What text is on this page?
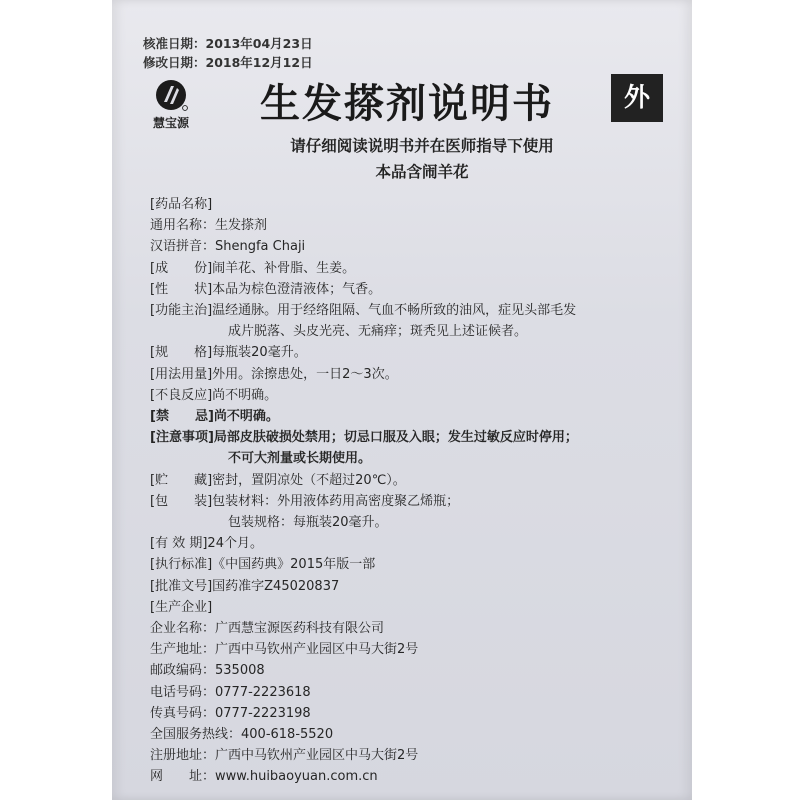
核准日期：2013年04月23日
修改日期：2018年12月12日
慧宝源 生发搽剂说明书	外
请仔细阅读说明书并在医师指导下使用
本品含闹羊花
[药品名称]
通用名称：生发搽剂
汉语拼音：Shengfa Chaji
[成　　份] 闹羊花、补骨脂、生姜。
[性　　状] 本品为棕色澄清液体；气香。
[功能主治] 温经通脉。用于经络阻隔、气血不畅所致的油风，症见头部毛发
成片脱落、头皮光亮、无痛痒；斑秃见上述证候者。
[规　　格] 每瓶装20毫升。
[用法用量] 外用。涂擦患处，一日2～3次。
[不良反应] 尚不明确。
[禁　　忌] 尚不明确。
[注意事项] 局部皮肤破损处禁用；切忌口服及入眼；发生过敏反应时停用；
不可大剂量或长期使用。
[贮　　藏] 密封，置阴凉处（不超过20℃）。
[包　　装] 包装材料：外用液体药用高密度聚乙烯瓶；
包装规格：每瓶装20毫升。
[有 效 期] 24个月。
[执行标准] 《中国药典》2015年版一部
[批准文号] 国药准字Z45020837
[生产企业]
企业名称：广西慧宝源医药科技有限公司
生产地址：广西中马钦州产业园区中马大街2号
邮政编码：535008
电话号码：0777-2223618
传真号码：0777-2223198
全国服务热线：400-618-5520
注册地址：广西中马钦州产业园区中马大街2号
网　　址：www.huibaoyuan.com.cn
